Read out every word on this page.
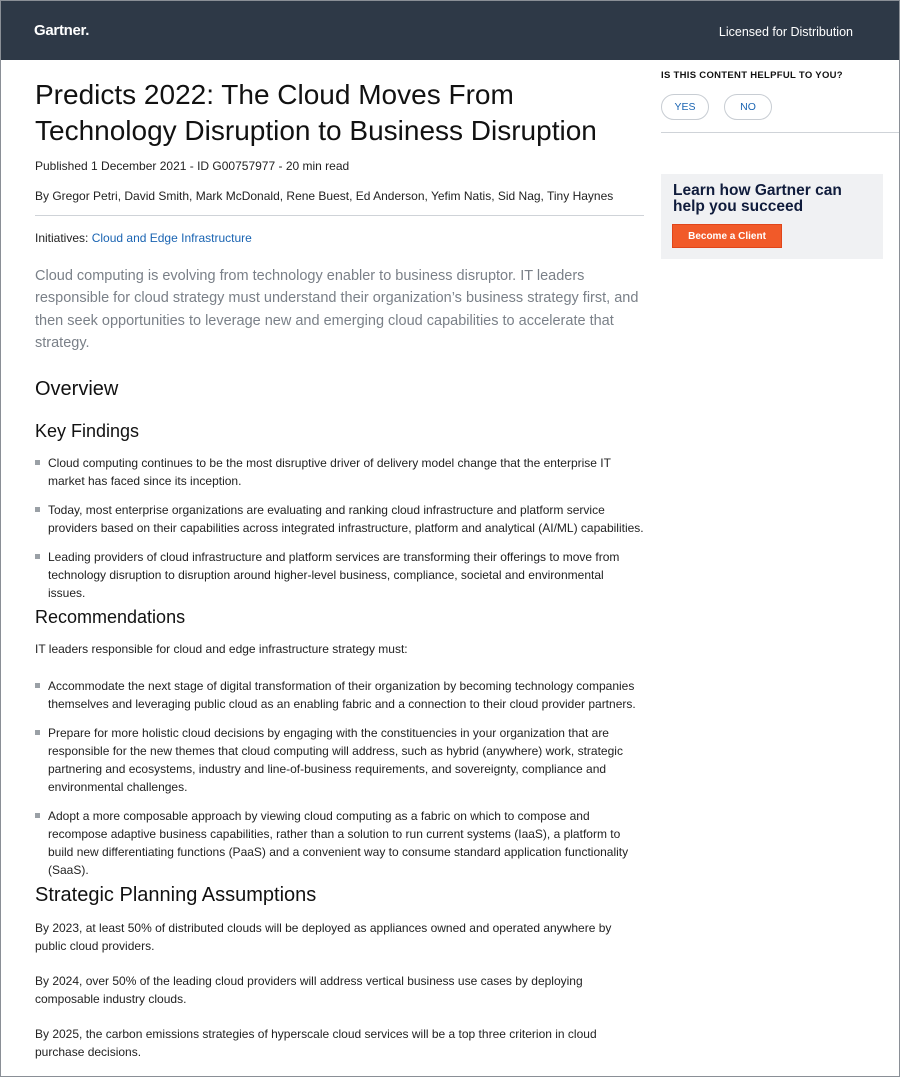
Gartner.	Licensed for Distribution
Predicts 2022: The Cloud Moves From Technology Disruption to Business Disruption
Published 1 December 2021 - ID G00757977 - 20 min read
By Gregor Petri, David Smith, Mark McDonald, Rene Buest, Ed Anderson, Yefim Natis, Sid Nag, Tiny Haynes
Initiatives: Cloud and Edge Infrastructure

Cloud computing is evolving from technology enabler to business disruptor. IT leaders responsible for cloud strategy must understand their organization’s business strategy first, and then seek opportunities to leverage new and emerging cloud capabilities to accelerate that strategy.

Overview
Key Findings
Cloud computing continues to be the most disruptive driver of delivery model change that the enterprise IT market has faced since its inception.
Today, most enterprise organizations are evaluating and ranking cloud infrastructure and platform service providers based on their capabilities across integrated infrastructure, platform and analytical (AI/ML) capabilities.
Leading providers of cloud infrastructure and platform services are transforming their offerings to move from technology disruption to disruption around higher-level business, compliance, societal and environmental issues.
Recommendations
IT leaders responsible for cloud and edge infrastructure strategy must:
Accommodate the next stage of digital transformation of their organization by becoming technology companies themselves and leveraging public cloud as an enabling fabric and a connection to their cloud provider partners.
Prepare for more holistic cloud decisions by engaging with the constituencies in your organization that are responsible for the new themes that cloud computing will address, such as hybrid (anywhere) work, strategic partnering and ecosystems, industry and line-of-business requirements, and sovereignty, compliance and environmental challenges.
Adopt a more composable approach by viewing cloud computing as a fabric on which to compose and recompose adaptive business capabilities, rather than a solution to run current systems (IaaS), a platform to build new differentiating functions (PaaS) and a convenient way to consume standard application functionality (SaaS).
Strategic Planning Assumptions
By 2023, at least 50% of distributed clouds will be deployed as appliances owned and operated anywhere by public cloud providers.
By 2024, over 50% of the leading cloud providers will address vertical business use cases by deploying composable industry clouds.
By 2025, the carbon emissions strategies of hyperscale cloud services will be a top three criterion in cloud purchase decisions.
IS THIS CONTENT HELPFUL TO YOU?
YES	NO
Learn how Gartner can help you succeed
Become a Client
